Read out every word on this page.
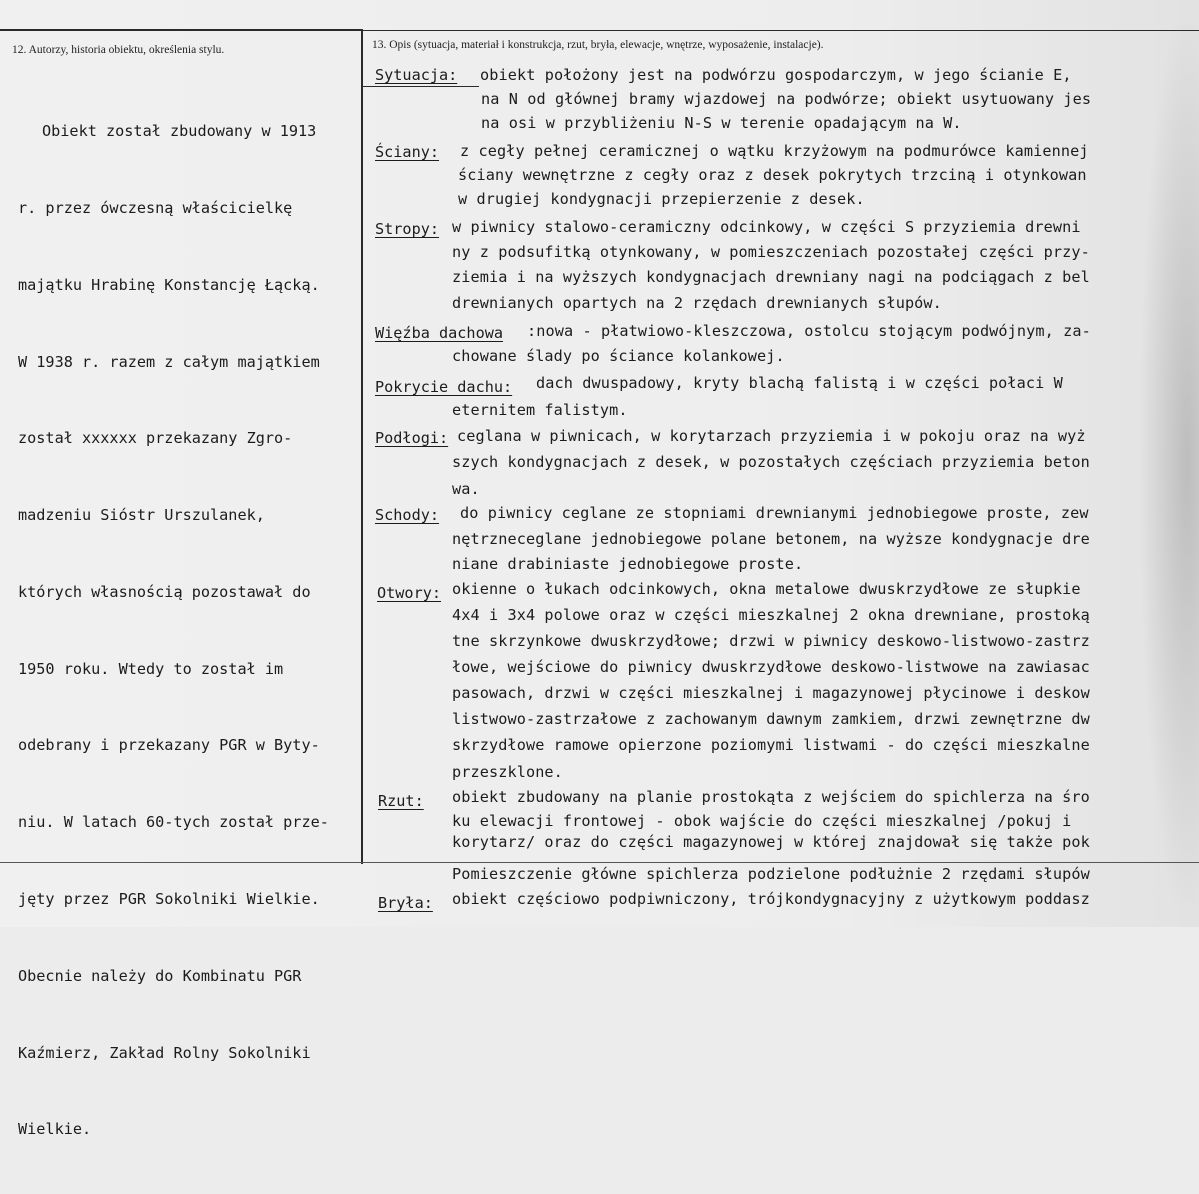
12. Autorzy, historia obiektu, określenia stylu.	13. Opis (sytuacja, materiał i konstrukcja, rzut, bryła, elewacje, wnętrze, wyposażenie, instalacje).

Obiekt został zbudowany w 1913

r. przez ówczesną właścicielkę

majątku Hrabinę Konstancję Łącką.

W 1938 r. razem z całym majątkiem

został xxxxxx przekazany Zgro-

madzeniu Sióstr Urszulanek,

których własnością pozostawał do

1950 roku. Wtedy to został im

odebrany i przekazany PGR w Byty-

niu. W latach 60-tych został prze-

jęty przez PGR Sokolniki Wielkie.

Obecnie należy do Kombinatu PGR

Kaźmierz, Zakład Rolny Sokolniki

Wielkie.

Sytuacja: obiekt położony jest na podwórzu gospodarczym, w jego ścianie E,
na N od głównej bramy wjazdowej na podwórze; obiekt usytuowany jes
na osi w przybliżeniu N-S w terenie opadającym na W.
Ściany: z cegły pełnej ceramicznej o wątku krzyżowym na podmurówce kamiennej
ściany wewnętrzne z cegły oraz z desek pokrytych trzciną i otynkowan
w drugiej kondygnacji przepierzenie z desek.
Stropy: w piwnicy stalowo-ceramiczny odcinkowy, w części S przyziemia drewni
ny z podsufitką otynkowany, w pomieszczeniach pozostałej części przy-
ziemia i na wyższych kondygnacjach drewniany nagi na podciągach z bel
drewnianych opartych na 2 rzędach drewnianych słupów.
Więźba dachowa :nowa - płatwiowo-kleszczowa, ostolcu stojącym podwójnym, za-
chowane ślady po ściance kolankowej.
Pokrycie dachu: dach dwuspadowy, kryty blachą falistą i w części połaci W
eternitem falistym.
Podłogi: ceglana w piwnicach, w korytarzach przyziemia i w pokoju oraz na wyż
szych kondygnacjach z desek, w pozostałych częściach przyziemia beton
wa.
Schody: do piwnicy ceglane ze stopniami drewnianymi jednobiegowe proste, zew
nętrzneceglane jednobiegowe polane betonem, na wyższe kondygnacje dre
niane drabiniaste jednobiegowe proste.
Otwory: okienne o łukach odcinkowych, okna metalowe dwuskrzydłowe ze słupkie
4x4 i 3x4 polowe oraz w części mieszkalnej 2 okna drewniane, prostoką
tne skrzynkowe dwuskrzydłowe; drzwi w piwnicy deskowo-listwowo-zastrz
łowe, wejściowe do piwnicy dwuskrzydłowe deskowo-listwowe na zawiasac
pasowach, drzwi w części mieszkalnej i magazynowej płycinowe i deskow
listwowo-zastrzałowe z zachowanym dawnym zamkiem, drzwi zewnętrzne dw
skrzydłowe ramowe opierzone poziomymi listwami - do części mieszkalne
przeszklone.
Rzut: obiekt zbudowany na planie prostokąta z wejściem do spichlerza na śro
ku elewacji frontowej - obok wajście do części mieszkalnej /pokuj i
korytarz/ oraz do części magazynowej w której znajdował się także pok
Pomieszczenie główne spichlerza podzielone podłużnie 2 rzędami słupów
Bryła: obiekt częściowo podpiwniczony, trójkondygnacyjny z użytkowym poddasz
